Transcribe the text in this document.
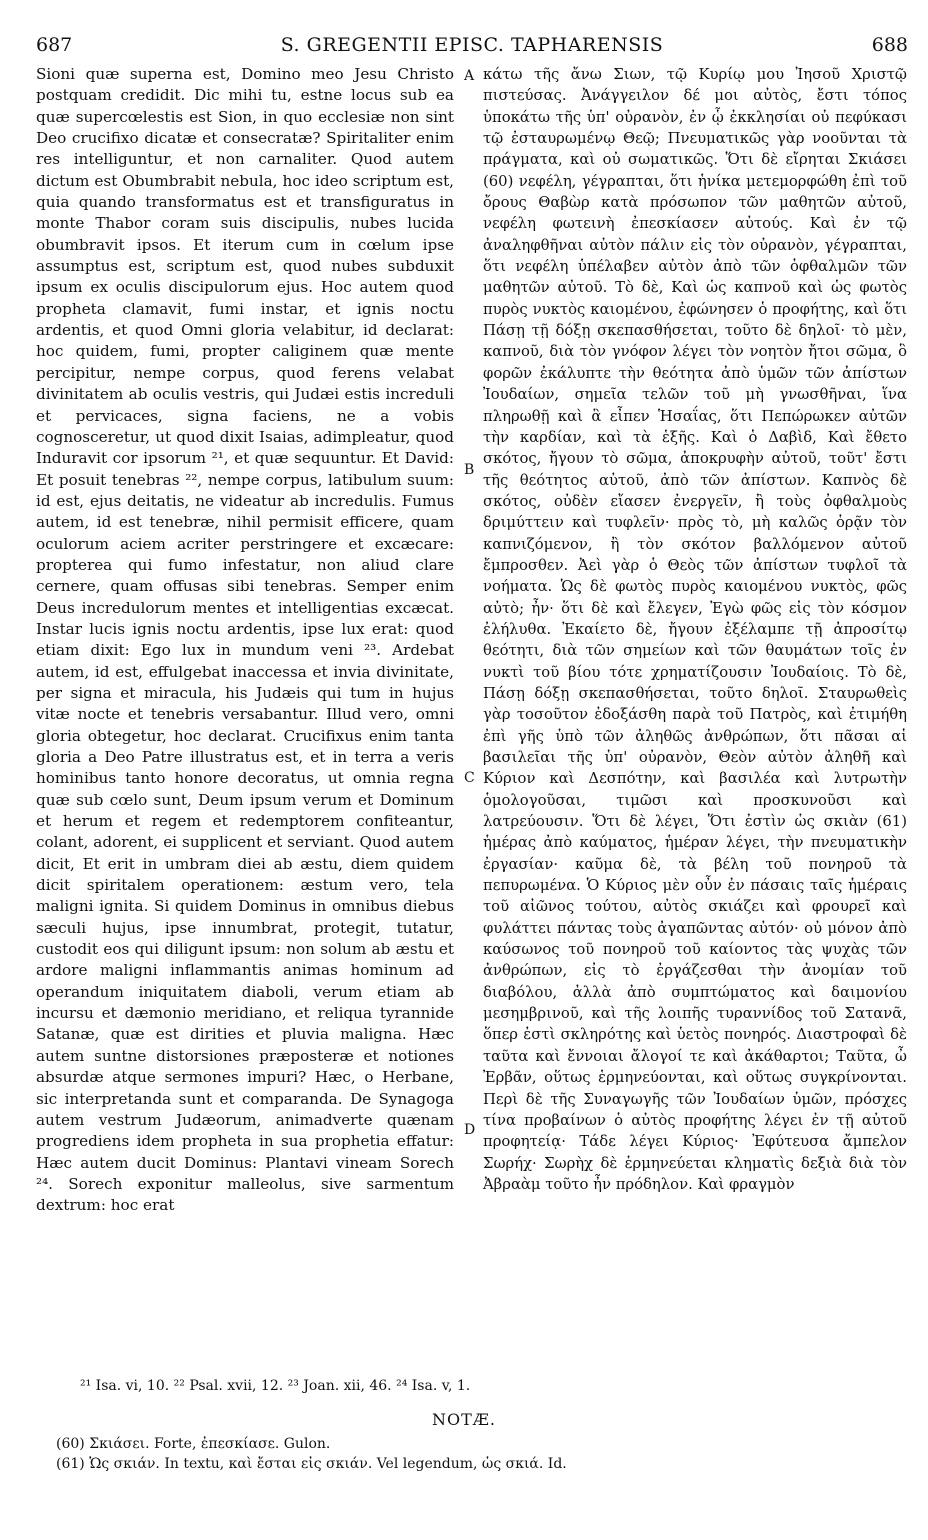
687	S. GREGENTII EPISC. TAPHARENSIS	688

Sioni quæ superna est, Domino meo Jesu Christo postquam credidit. Dic mihi tu, estne locus sub ea quæ supercœlestis est Sion, in quo ecclesiæ non sint Deo crucifixo dicatæ et consecratæ? Spiritaliter enim res intelliguntur, et non carnaliter. Quod autem dictum est Obumbrabit nebula, hoc ideo scriptum est, quia quando transformatus est et transfiguratus in monte Thabor coram suis discipulis, nubes lucida obumbravit ipsos. Et iterum cum in cœlum ipse assumptus est, scriptum est, quod nubes subduxit ipsum ex oculis discipulorum ejus. Hoc autem quod propheta clamavit, fumi instar, et ignis noctu ardentis, et quod Omni gloria velabitur, id declarat: hoc quidem, fumi, propter caliginem quæ mente percipitur, nempe corpus, quod ferens velabat divinitatem ab oculis vestris, qui Judæi estis increduli et pervicaces, signa faciens, ne a vobis cognosceretur, ut quod dixit Isaias, adimpleatur, quod Induravit cor ipsorum ²¹, et quæ sequuntur. Et David: Et posuit tenebras ²², nempe corpus, latibulum suum: id est, ejus deitatis, ne videatur ab incredulis. Fumus autem, id est tenebræ, nihil permisit efficere, quam oculorum aciem acriter perstringere et excæcare: propterea qui fumo infestatur, non aliud clare cernere, quam offusas sibi tenebras. Semper enim Deus incredulorum mentes et intelligentias excæcat. Instar lucis ignis noctu ardentis, ipse lux erat: quod etiam dixit: Ego lux in mundum veni ²³. Ardebat autem, id est, effulgebat inaccessa et invia divinitate, per signa et miracula, his Judæis qui tum in hujus vitæ nocte et tenebris versabantur. Illud vero, omni gloria obtegetur, hoc declarat. Crucifixus enim tanta gloria a Deo Patre illustratus est, et in terra a veris hominibus tanto honore decoratus, ut omnia regna quæ sub cœlo sunt, Deum ipsum verum et Dominum et herum et regem et redemptorem confiteantur, colant, adorent, ei supplicent et serviant. Quod autem dicit, Et erit in umbram diei ab æstu, diem quidem dicit spiritalem operationem: æstum vero, tela maligni ignita. Si quidem Dominus in omnibus diebus sæculi hujus, ipse innumbrat, protegit, tutatur, custodit eos qui diligunt ipsum: non solum ab æstu et ardore maligni inflammantis animas hominum ad operandum iniquitatem diaboli, verum etiam ab incursu et dæmonio meridiano, et reliqua tyrannide Satanæ, quæ est dirities et pluvia maligna. Hæc autem suntne distorsiones præposteræ et notiones absurdæ atque sermones impuri? Hæc, o Herbane, sic interpretanda sunt et comparanda. De Synagoga autem vestrum Judæorum, animadverte quænam progrediens idem propheta in sua prophetia effatur: Hæc autem ducit Dominus: Plantavi vineam Sorech ²⁴. Sorech exponitur malleolus, sive sarmentum dextrum: hoc erat

A
B
C
D

κάτω τῆς ἄνω Σιων, τῷ Κυρίῳ μου Ἰησοῦ Χριστῷ πιστεύσας. Ἀνάγγειλον δέ μοι αὐτὸς, ἔστι τόπος ὑποκάτω τῆς ὑπ' οὐρανὸν, ἐν ᾧ ἐκκλησίαι οὐ πεφύκασι τῷ ἐσταυρωμένῳ Θεῷ; Πνευματικῶς γὰρ νοοῦνται τὰ πράγματα, καὶ οὐ σωματικῶς. Ὅτι δὲ εἴρηται Σκιάσει (60) νεφέλη, γέγραπται, ὅτι ἡνίκα μετεμορφώθη ἐπὶ τοῦ ὄρους Θαβὼρ κατὰ πρόσωπον τῶν μαθητῶν αὐτοῦ, νεφέλη φωτεινὴ ἐπεσκίασεν αὐτούς. Καὶ ἐν τῷ ἀναληφθῆναι αὐτὸν πάλιν εἰς τὸν οὐρανὸν, γέγραπται, ὅτι νεφέλη ὑπέλαβεν αὐτὸν ἀπὸ τῶν ὀφθαλμῶν τῶν μαθητῶν αὐτοῦ. Τὸ δὲ, Καὶ ὡς καπνοῦ καὶ ὡς φωτὸς πυρὸς νυκτὸς καιομένου, ἐφώνησεν ὁ προφήτης, καὶ ὅτι Πάσῃ τῇ δόξῃ σκεπασθήσεται, τοῦτο δὲ δηλοῖ· τὸ μὲν, καπνοῦ, διὰ τὸν γνόφον λέγει τὸν νοητὸν ἤτοι σῶμα, ὃ φορῶν ἐκάλυπτε τὴν θεότητα ἀπὸ ὑμῶν τῶν ἀπίστων Ἰουδαίων, σημεῖα τελῶν τοῦ μὴ γνωσθῆναι, ἵνα πληρωθῇ καὶ ἃ εἶπεν Ἡσαΐας, ὅτι Πεπώρωκεν αὐτῶν τὴν καρδίαν, καὶ τὰ ἑξῆς. Καὶ ὁ Δαβὶδ, Καὶ ἔθετο σκότος, ἤγουν τὸ σῶμα, ἀποκρυφὴν αὐτοῦ, τοῦτ' ἔστι τῆς θεότητος αὐτοῦ, ἀπὸ τῶν ἀπίστων. Καπνὸς δὲ σκότος, οὐδὲν εἴασεν ἐνεργεῖν, ἢ τοὺς ὀφθαλμοὺς δριμύττειν καὶ τυφλεῖν· πρὸς τὸ, μὴ καλῶς ὁρᾷν τὸν καπνιζόμενον, ἢ τὸν σκότον βαλλόμενον αὐτοῦ ἔμπροσθεν. Ἀεὶ γὰρ ὁ Θεὸς τῶν ἀπίστων τυφλοῖ τὰ νοήματα. Ὡς δὲ φωτὸς πυρὸς καιομένου νυκτὸς, φῶς αὐτὸ; ἦν· ὅτι δὲ καὶ ἔλεγεν, Ἐγὼ φῶς εἰς τὸν κόσμον ἐλήλυθα. Ἐκαίετο δὲ, ἤγουν ἐξέλαμπε τῇ ἀπροσίτῳ θεότητι, διὰ τῶν σημείων καὶ τῶν θαυμάτων τοῖς ἐν νυκτὶ τοῦ βίου τότε χρηματίζουσιν Ἰουδαίοις. Τὸ δὲ, Πάσῃ δόξῃ σκεπασθήσεται, τοῦτο δηλοῖ. Σταυρωθεὶς γὰρ τοσοῦτον ἐδοξάσθη παρὰ τοῦ Πατρὸς, καὶ ἐτιμήθη ἐπὶ γῆς ὑπὸ τῶν ἀληθῶς ἀνθρώπων, ὅτι πᾶσαι αἱ βασιλεῖαι τῆς ὑπ' οὐρανὸν, Θεὸν αὐτὸν ἀληθῆ καὶ Κύριον καὶ Δεσπότην, καὶ βασιλέα καὶ λυτρωτὴν ὁμολογοῦσαι, τιμῶσι καὶ προσκυνοῦσι καὶ λατρεύουσιν. Ὅτι δὲ λέγει, Ὅτι ἐστὶν ὡς σκιὰν (61) ἡμέρας ἀπὸ καύματος, ἡμέραν λέγει, τὴν πνευματικὴν ἐργασίαν· καῦμα δὲ, τὰ βέλη τοῦ πονηροῦ τὰ πεπυρωμένα. Ὁ Κύριος μὲν οὖν ἐν πάσαις ταῖς ἡμέραις τοῦ αἰῶνος τούτου, αὐτὸς σκιάζει καὶ φρουρεῖ καὶ φυλάττει πάντας τοὺς ἀγαπῶντας αὐτόν· οὐ μόνον ἀπὸ καύσωνος τοῦ πονηροῦ τοῦ καίοντος τὰς ψυχὰς τῶν ἀνθρώπων, εἰς τὸ ἐργάζεσθαι τὴν ἀνομίαν τοῦ διαβόλου, ἀλλὰ ἀπὸ συμπτώματος καὶ δαιμονίου μεσημβρινοῦ, καὶ τῆς λοιπῆς τυραννίδος τοῦ Σατανᾶ, ὅπερ ἐστὶ σκληρότης καὶ ὑετὸς πονηρός. Διαστροφαὶ δὲ ταῦτα καὶ ἔννοιαι ἄλογοί τε καὶ ἀκάθαρτοι; Ταῦτα, ὦ Ἐρβᾶν, οὕτως ἑρμηνεύονται, καὶ οὕτως συγκρίνονται. Περὶ δὲ τῆς Συναγωγῆς τῶν Ἰουδαίων ὑμῶν, πρόσχες τίνα προβαίνων ὁ αὐτὸς προφήτης λέγει ἐν τῇ αὐτοῦ προφητείᾳ· Τάδε λέγει Κύριος· Ἐφύτευσα ἄμπελον Σωρήχ· Σωρὴχ δὲ ἑρμηνεύεται κληματὶς δεξιὰ διὰ τὸν Ἀβραὰμ τοῦτο ἦν πρόδηλον. Καὶ φραγμὸν

²¹ Isa. vi, 10. ²² Psal. xvii, 12. ²³ Joan. xii, 46. ²⁴ Isa. v, 1.
NOTÆ.
(60) Σκιάσει. Forte, ἐπεσκίασε. Gulon.
(61) Ὡς σκιάν. In textu, καὶ ἔσται εἰς σκιάν. Vel legendum, ὡς σκιά. Id.
